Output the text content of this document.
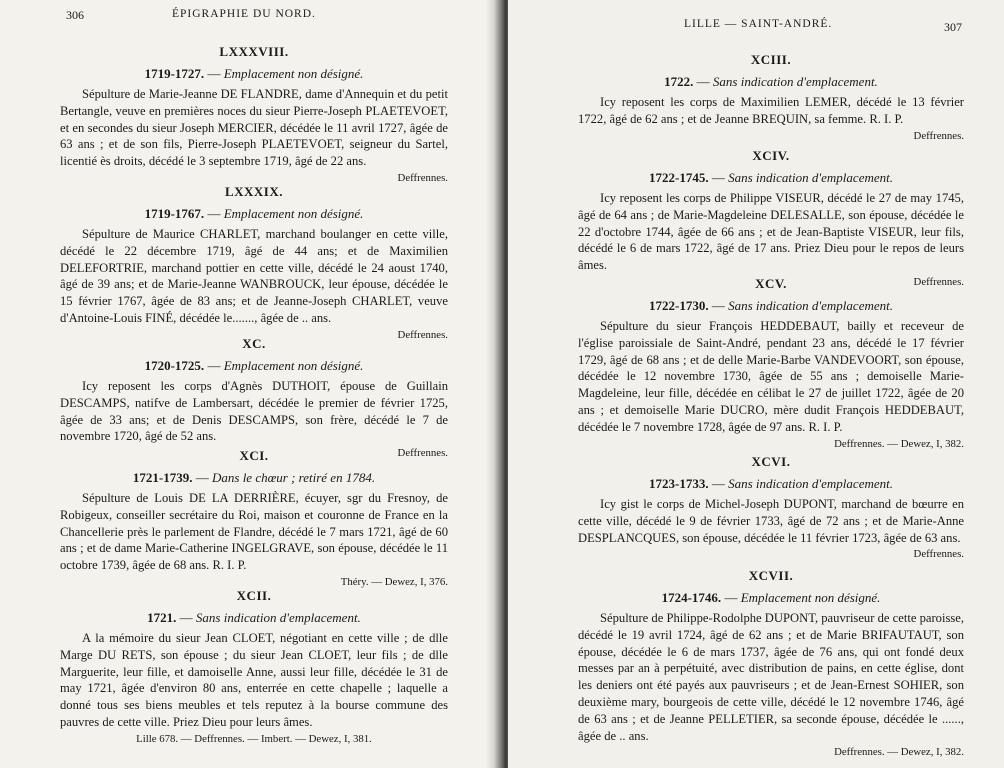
306	ÉPIGRAPHIE DU NORD.
LXXXVIII.
1719-1727. — Emplacement non désigné.

Sépulture de Marie-Jeanne DE FLANDRE, dame d'Annequin et du petit Bertangle, veuve en premières noces du sieur Pierre-Joseph PLAETEVOET, et en secondes du sieur Joseph MERCIER, décédée le 11 avril 1727, âgée de 63 ans ; et de son fils, Pierre-Joseph PLAETEVOET, seigneur du Sartel, licentié ès droits, décédé le 3 septembre 1719, âgé de 22 ans.

Deffrennes.
LXXXIX.
1719-1767. — Emplacement non désigné.

Sépulture de Maurice CHARLET, marchand boulanger en cette ville, décédé le 22 décembre 1719, âgé de 44 ans; et de Maximilien DELEFORTRIE, marchand pottier en cette ville, décédé le 24 aoust 1740, âgé de 39 ans; et de Marie-Jeanne WANBROUCK, leur épouse, décédée le 15 février 1767, âgée de 83 ans; et de Jeanne-Joseph CHARLET, veuve d'Antoine-Louis FINÉ, décédée le......., âgée de .. ans.

Deffrennes.
XC.
1720-1725. — Emplacement non désigné.

Icy reposent les corps d'Agnès DUTHOIT, épouse de Guillain DESCAMPS, natifve de Lambersart, décédée le premier de février 1725, âgée de 33 ans; et de Denis DESCAMPS, son frère, décédé le 7 de novembre 1720, âgé de 52 ans.

Deffrennes.
XCI.
1721-1739. — Dans le chœur ; retiré en 1784.

Sépulture de Louis DE LA DERRIÈRE, écuyer, sgr du Fresnoy, de Robigeux, conseiller secrétaire du Roi, maison et couronne de France en la Chancellerie près le parlement de Flandre, décédé le 7 mars 1721, âgé de 60 ans ; et de dame Marie-Catherine INGELGRAVE, son épouse, décédée le 11 octobre 1739, âgée de 68 ans. R. I. P.

Théry. — Dewez, I, 376.
XCII.
1721. — Sans indication d'emplacement.

A la mémoire du sieur Jean CLOET, négotiant en cette ville ; de dlle Marge DU RETS, son épouse ; du sieur Jean CLOET, leur fils ; de dlle Marguerite, leur fille, et damoiselle Anne, aussi leur fille, décédée le 31 de may 1721, âgée d'environ 80 ans, enterrée en cette chapelle ; laquelle a donné tous ses biens meubles et tels reputez à la bourse commune des pauvres de cette ville. Priez Dieu pour leurs âmes.

Lille 678. — Deffrennes. — Imbert. — Dewez, I, 381.
LILLE — SAINT-ANDRÉ.	307
XCIII.
1722. — Sans indication d'emplacement.

Icy reposent les corps de Maximilien LEMER, décédé le 13 février 1722, âgé de 62 ans ; et de Jeanne BREQUIN, sa femme. R. I. P.

Deffrennes.
XCIV.
1722-1745. — Sans indication d'emplacement.

Icy reposent les corps de Philippe VISEUR, décédé le 27 de may 1745, âgé de 64 ans ; de Marie-Magdeleine DELESALLE, son épouse, décédée le 22 d'octobre 1744, âgée de 66 ans ; et de Jean-Baptiste VISEUR, leur fils, décédé le 6 de mars 1722, âgé de 17 ans. Priez Dieu pour le repos de leurs âmes.

Deffrennes.
XCV.
1722-1730. — Sans indication d'emplacement.

Sépulture du sieur François HEDDEBAUT, bailly et receveur de l'église paroissiale de Saint-André, pendant 23 ans, décédé le 17 février 1729, âgé de 68 ans ; et de delle Marie-Barbe VANDEVOORT, son épouse, décédée le 12 novembre 1730, âgée de 55 ans ; demoiselle Marie-Magdeleine, leur fille, décédée en célibat le 27 de juillet 1722, âgée de 20 ans ; et demoiselle Marie DUCRO, mère dudit François HEDDEBAUT, décédée le 7 novembre 1728, âgée de 97 ans. R. I. P.

Deffrennes. — Dewez, I, 382.
XCVI.
1723-1733. — Sans indication d'emplacement.

Icy gist le corps de Michel-Joseph DUPONT, marchand de bœurre en cette ville, décédé le 9 de février 1733, âgé de 72 ans ; et de Marie-Anne DESPLANCQUES, son épouse, décédée le 11 février 1723, âgée de 63 ans.

Deffrennes.
XCVII.
1724-1746. — Emplacement non désigné.

Sépulture de Philippe-Rodolphe DUPONT, pauvriseur de cette paroisse, décédé le 19 avril 1724, âgé de 62 ans ; et de Marie BRIFAUTAUT, son épouse, décédée le 6 de mars 1737, âgée de 76 ans, qui ont fondé deux messes par an à perpétuité, avec distribution de pains, en cette église, dont les deniers ont été payés aux pauvriseurs ; et de Jean-Ernest SOHIER, son deuxième mary, bourgeois de cette ville, décédé le 12 novembre 1746, âgé de 63 ans ; et de Jeanne PELLETIER, sa seconde épouse, décédée le ......, âgée de .. ans.

Deffrennes. — Dewez, I, 382.
